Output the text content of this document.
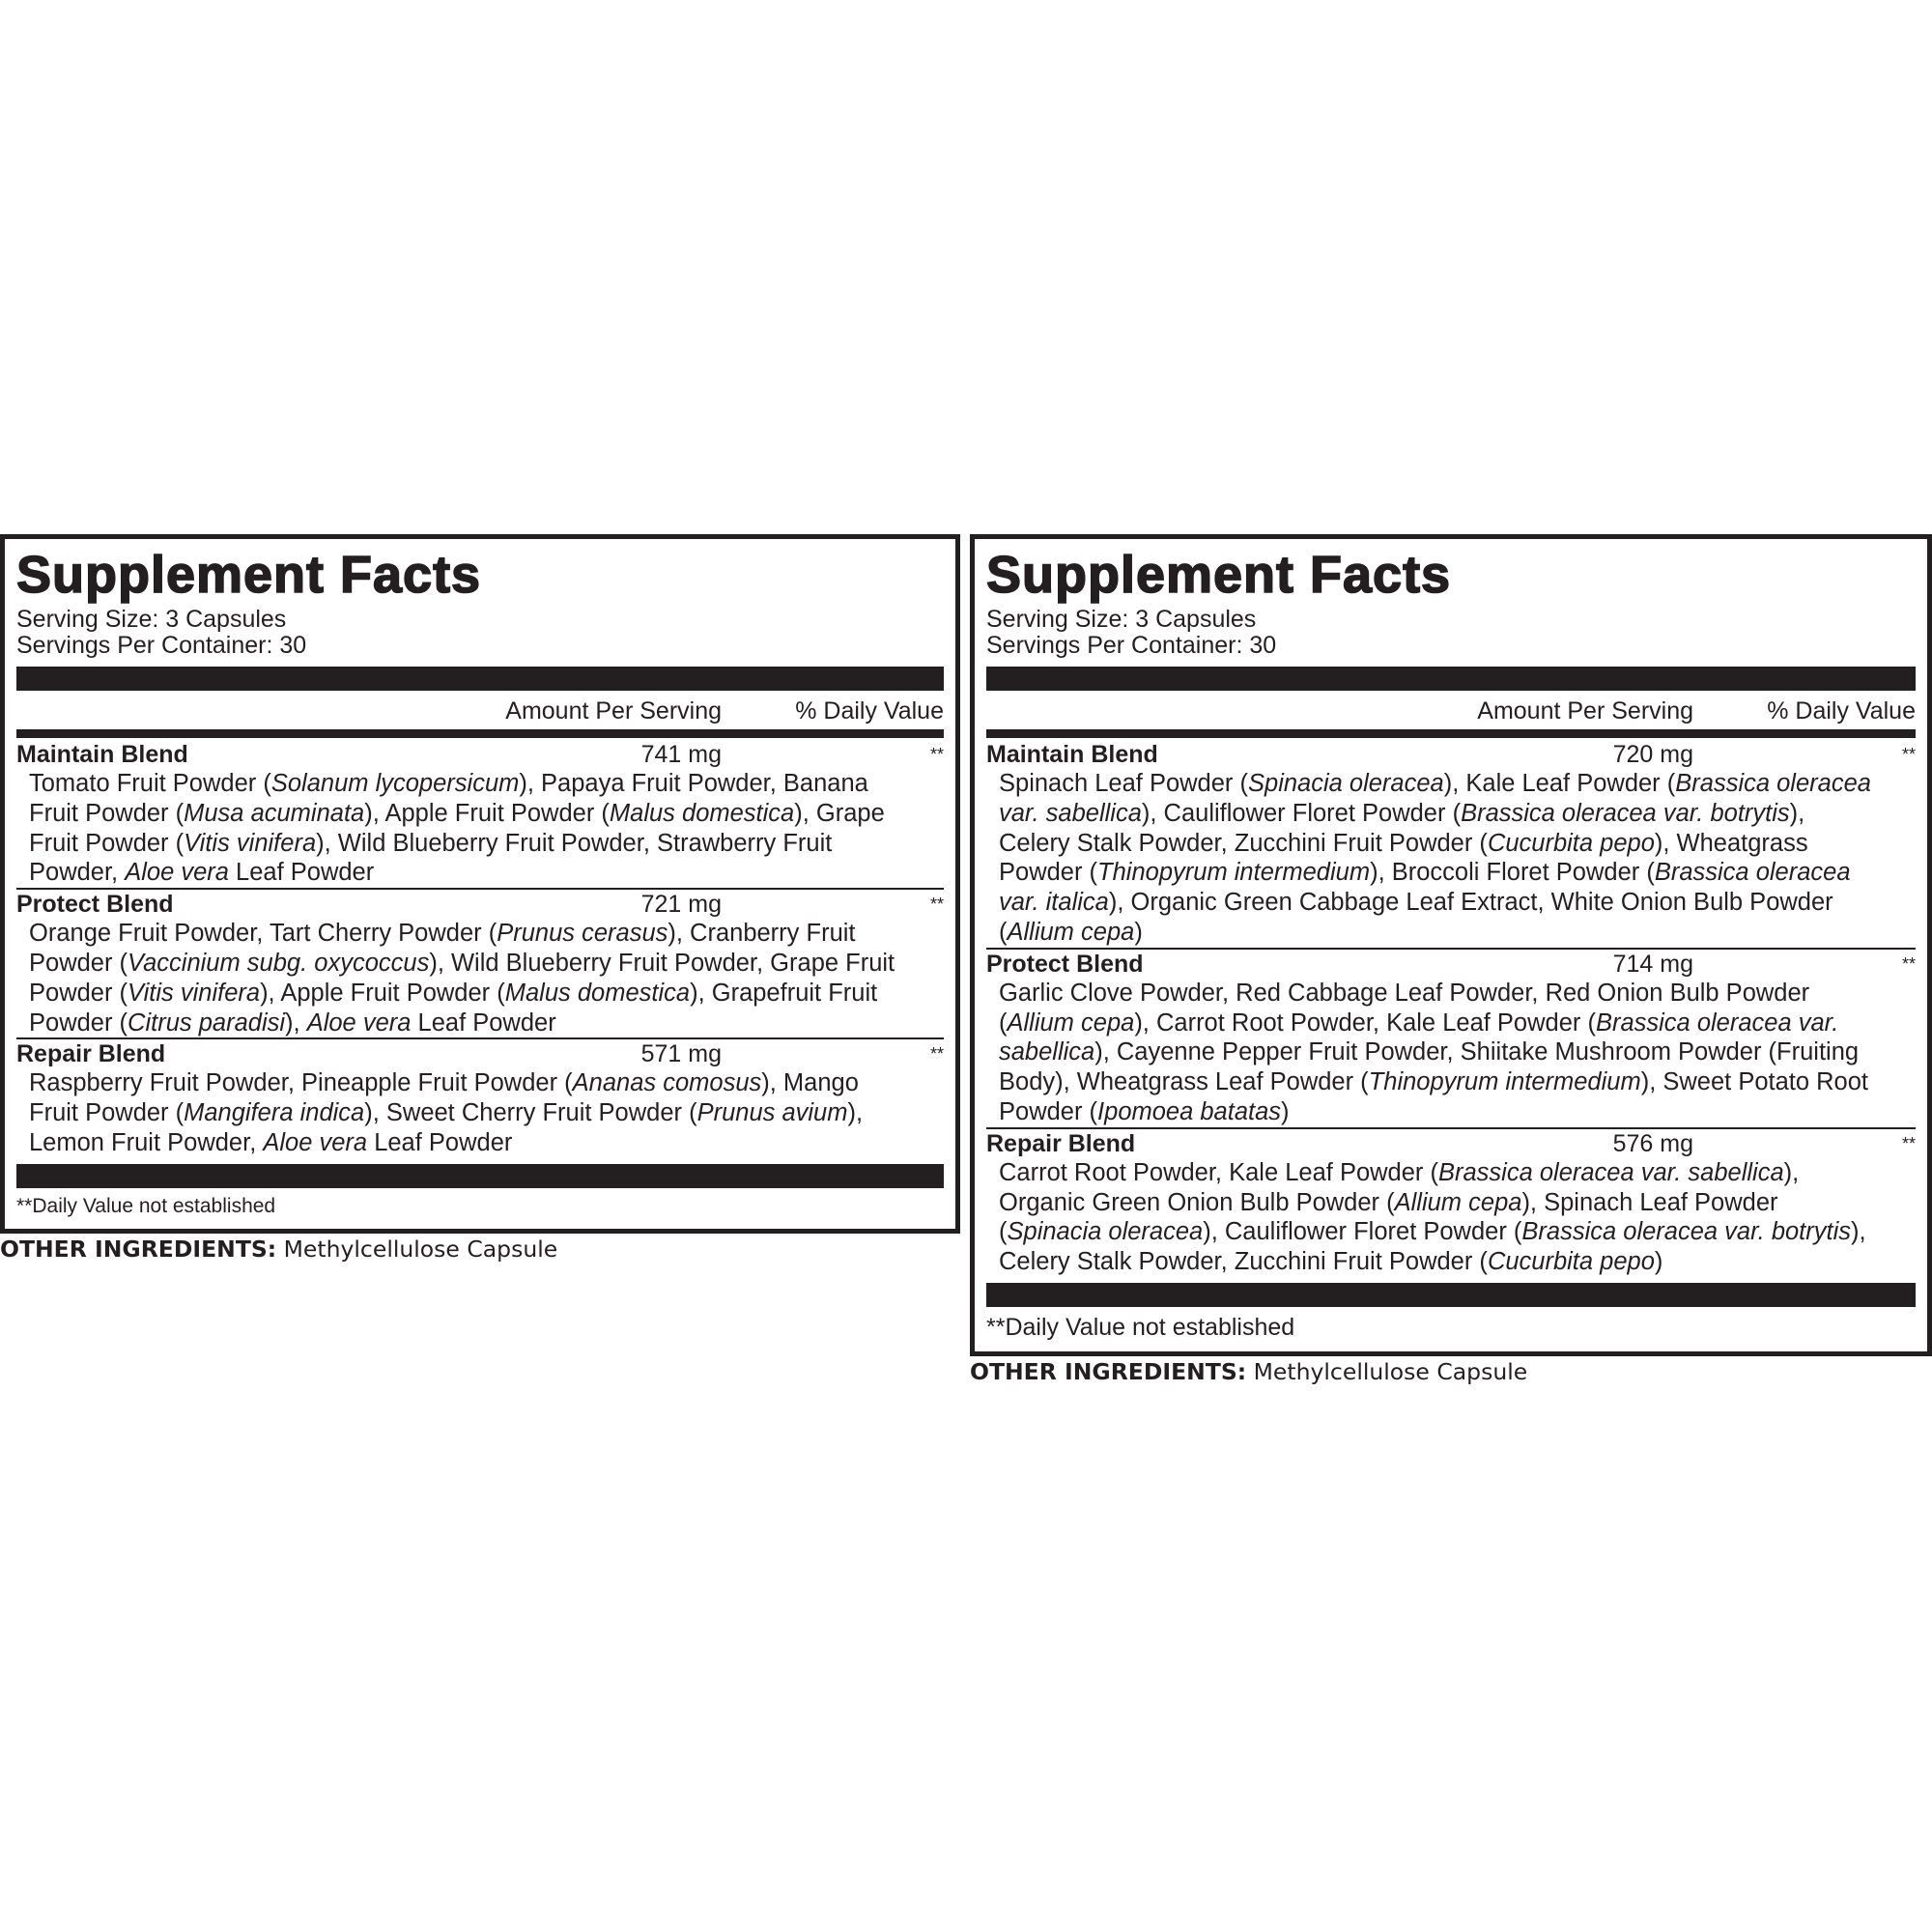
Supplement Facts
Serving Size: 3 Capsules
Servings Per Container: 30
Amount Per Serving	% Daily Value
Maintain Blend	741 mg	**

Tomato Fruit Powder (Solanum lycopersicum), Papaya Fruit Powder, Banana Fruit Powder (Musa acuminata), Apple Fruit Powder (Malus domestica), Grape Fruit Powder (Vitis vinifera), Wild Blueberry Fruit Powder, Strawberry Fruit Powder, Aloe vera Leaf Powder

Protect Blend	721 mg	**

Orange Fruit Powder, Tart Cherry Powder (Prunus cerasus), Cranberry Fruit Powder (Vaccinium subg. oxycoccus), Wild Blueberry Fruit Powder, Grape Fruit Powder (Vitis vinifera), Apple Fruit Powder (Malus domestica), Grapefruit Fruit Powder (Citrus paradisi), Aloe vera Leaf Powder

Repair Blend	571 mg	**

Raspberry Fruit Powder, Pineapple Fruit Powder (Ananas comosus), Mango Fruit Powder (Mangifera indica), Sweet Cherry Fruit Powder (Prunus avium), Lemon Fruit Powder, Aloe vera Leaf Powder

**Daily Value not established
OTHER INGREDIENTS: Methylcellulose Capsule
Supplement Facts
Serving Size: 3 Capsules
Servings Per Container: 30
Amount Per Serving	% Daily Value
Maintain Blend	720 mg	**

Spinach Leaf Powder (Spinacia oleracea), Kale Leaf Powder (Brassica oleracea var. sabellica), Cauliflower Floret Powder (Brassica oleracea var. botrytis), Celery Stalk Powder, Zucchini Fruit Powder (Cucurbita pepo), Wheatgrass Powder (Thinopyrum intermedium), Broccoli Floret Powder (Brassica oleracea var. italica), Organic Green Cabbage Leaf Extract, White Onion Bulb Powder (Allium cepa)

Protect Blend	714 mg	**

Garlic Clove Powder, Red Cabbage Leaf Powder, Red Onion Bulb Powder (Allium cepa), Carrot Root Powder, Kale Leaf Powder (Brassica oleracea var. sabellica), Cayenne Pepper Fruit Powder, Shiitake Mushroom Powder (Fruiting Body), Wheatgrass Leaf Powder (Thinopyrum intermedium), Sweet Potato Root Powder (Ipomoea batatas)

Repair Blend	576 mg	**

Carrot Root Powder, Kale Leaf Powder (Brassica oleracea var. sabellica), Organic Green Onion Bulb Powder (Allium cepa), Spinach Leaf Powder (Spinacia oleracea), Cauliflower Floret Powder (Brassica oleracea var. botrytis), Celery Stalk Powder, Zucchini Fruit Powder (Cucurbita pepo)

**Daily Value not established
OTHER INGREDIENTS: Methylcellulose Capsule
